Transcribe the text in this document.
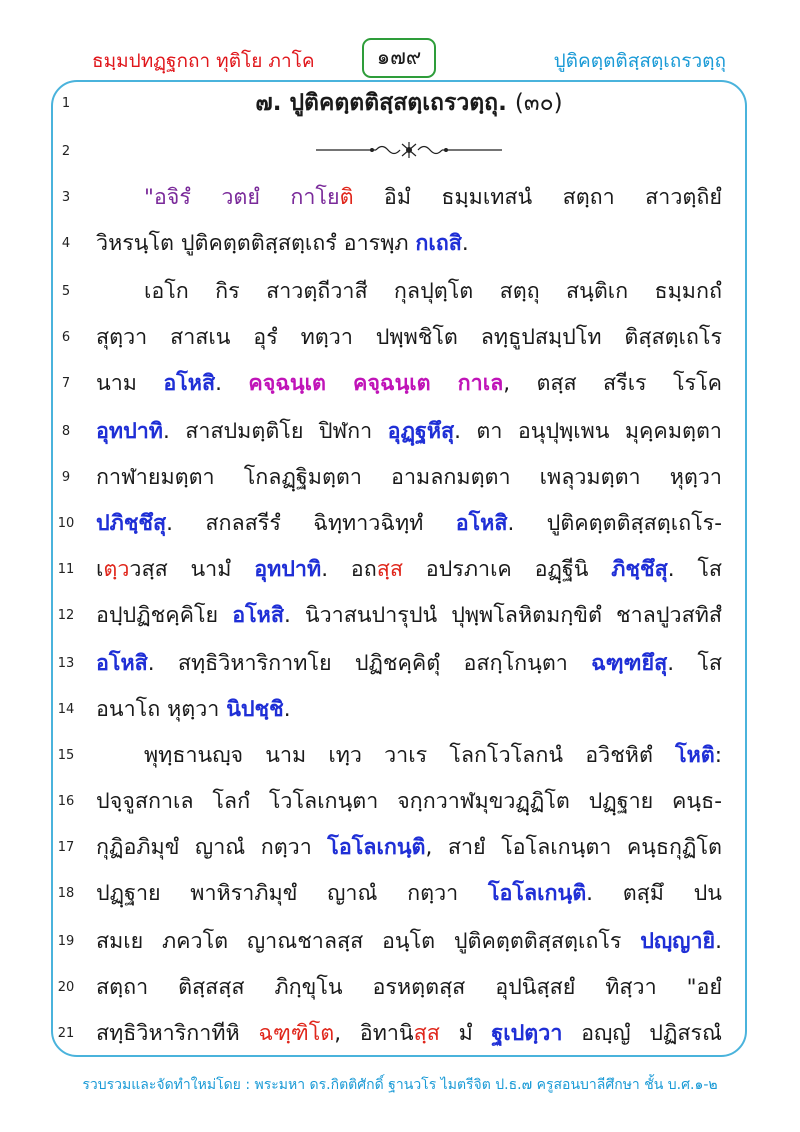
ธมฺมปทฏฺฐกถา ทุติโย ภาโค	๑๗๙	ปูติคตฺตติสฺสตฺเถรวตฺถุ
1
2
3
4
5
6
7
8
9
10
11
12
13
14
15
16
17
18
19
20
21
๗. ปูติคตฺตติสฺสตฺเถรวตฺถุ. (๓๐)
"อจิรํ วตยํ กาโยติ อิมํ ธมฺมเทสนํ สตฺถา สาวตฺถิยํ
วิหรนฺโต ปูติคตฺตติสฺสตฺเถรํ อารพฺภ กเถสิ.
เอโก กิร สาวตฺถีวาสี กุลปุตฺโต สตฺถุ สนฺติเก ธมฺมกถํ
สุตฺวา สาสเน อุรํ ทตฺวา ปพฺพชิโต ลทฺธูปสมฺปโท ติสฺสตฺเถโร
นาม อโหสิ. คจฺฉนฺเต คจฺฉนฺเต กาเล, ตสฺส สรีเร โรโค
อุทปาทิ. สาสปมตฺติโย ปิฬกา อุฏฺฐหึสุ. ตา อนุปุพฺเพน มุคฺคมตฺตา
กาฬายมตฺตา โกลฏฺฐิมตฺตา อามลกมตฺตา เพลุวมตฺตา หุตฺวา
ปภิชฺชึสุ. สกลสรีรํ ฉิทฺทาวฉิทฺทํ อโหสิ. ปูติคตฺตติสฺสตฺเถโร-
เตฺววสฺส นามํ อุทปาทิ. อถสฺส อปรภาเค อฏฺฐีนิ ภิชฺชึสุ. โส
อปฺปฏิชคฺคิโย อโหสิ. นิวาสนปารุปนํ ปุพฺพโลหิตมกฺขิตํ ชาลปูวสทิสํ
อโหสิ. สทฺธิวิหาริกาทโย ปฏิชคฺคิตุํ อสกฺโกนฺตา ฉฑฺฑยึสุ. โส
อนาโถ หุตฺวา นิปชฺชิ.
พุทฺธานญฺจ นาม เทฺว วาเร โลกโวโลกนํ อวิชหิตํ โหติ:
ปจฺจูสกาเล โลกํ โวโลเกนฺตา จกฺกวาฬมุขวฏฺฏิโต ปฏฺฐาย คนฺธ-
กุฏิอภิมุขํ ญาณํ กตฺวา โอโลเกนฺติ, สายํ โอโลเกนฺตา คนฺธกุฏิโต
ปฏฺฐาย พาหิราภิมุขํ ญาณํ กตฺวา โอโลเกนฺติ. ตสฺมึ ปน
สมเย ภควโต ญาณชาลสฺส อนฺโต ปูติคตฺตติสฺสตฺเถโร ปญฺญายิ.
สตฺถา ติสฺสสฺส ภิกฺขุโน อรหตฺตสฺส อุปนิสฺสยํ ทิสฺวา "อยํ
สทฺธิวิหาริกาทีหิ ฉฑฺฑิโต, อิทานิสฺส มํ ฐเปตฺวา อญฺญํ ปฏิสรณํ
รวบรวมและจัดทำใหม่โดย : พระมหา ดร.กิตติศักดิ์ ฐานวโร ไมตรีจิต ป.ธ.๗ ครูสอนบาลีศึกษา ชั้น บ.ศ.๑-๒
